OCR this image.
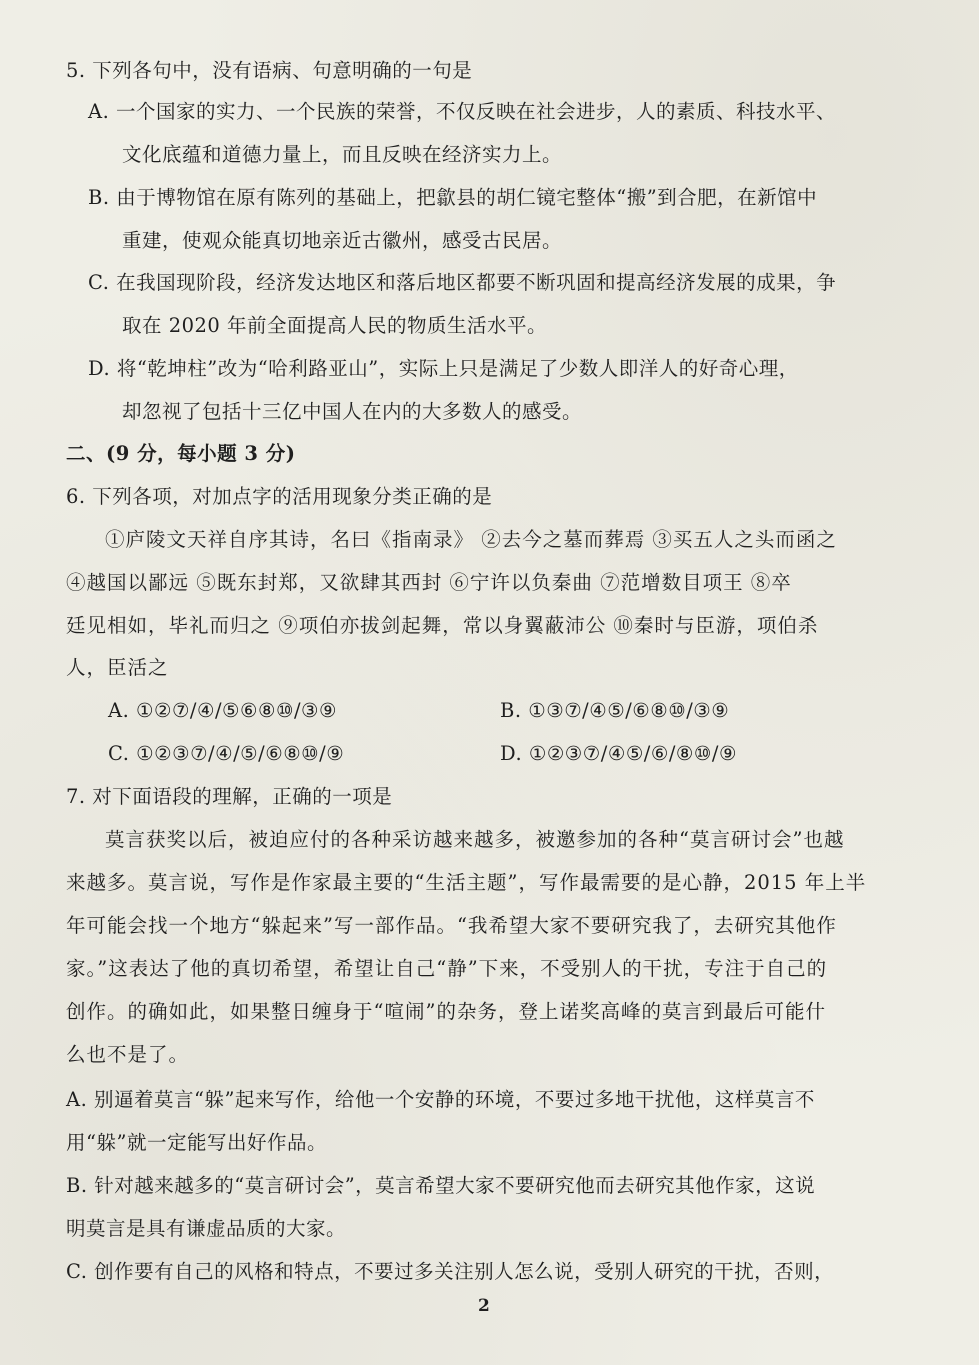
5. 下列各句中，没有语病、句意明确的一句是
A. 一个国家的实力、一个民族的荣誉，不仅反映在社会进步，人的素质、科技水平、
文化底蕴和道德力量上，而且反映在经济实力上。
B. 由于博物馆在原有陈列的基础上，把歙县的胡仁镜宅整体“搬”到合肥，在新馆中
重建，使观众能真切地亲近古徽州，感受古民居。
C. 在我国现阶段，经济发达地区和落后地区都要不断巩固和提高经济发展的成果，争
取在 2020 年前全面提高人民的物质生活水平。
D. 将“乾坤柱”改为“哈利路亚山”，实际上只是满足了少数人即洋人的好奇心理，
却忽视了包括十三亿中国人在内的大多数人的感受。
二、(9 分，每小题 3 分)
6. 下列各项，对加点字的活用现象分类正确的是
①庐陵文天祥自序其诗，名曰《指南录》 ②去今之墓而葬焉 ③买五人之头而函之
④越国以鄙远 ⑤既东封郑，又欲肆其西封 ⑥宁许以负秦曲 ⑦范增数目项王 ⑧卒
廷见相如，毕礼而归之 ⑨项伯亦拔剑起舞，常以身翼蔽沛公 ⑩秦时与臣游，项伯杀
人，臣活之
A. ①②⑦/④/⑤⑥⑧⑩/③⑨	B. ①③⑦/④⑤/⑥⑧⑩/③⑨
C. ①②③⑦/④/⑤/⑥⑧⑩/⑨	D. ①②③⑦/④⑤/⑥/⑧⑩/⑨
7. 对下面语段的理解，正确的一项是
莫言获奖以后，被迫应付的各种采访越来越多，被邀参加的各种“莫言研讨会”也越
来越多。莫言说，写作是作家最主要的“生活主题”，写作最需要的是心静，2015 年上半
年可能会找一个地方“躲起来”写一部作品。“我希望大家不要研究我了，去研究其他作
家。”这表达了他的真切希望，希望让自己“静”下来，不受别人的干扰，专注于自己的
创作。的确如此，如果整日缠身于“喧闹”的杂务，登上诺奖高峰的莫言到最后可能什
么也不是了。
A. 别逼着莫言“躲”起来写作，给他一个安静的环境，不要过多地干扰他，这样莫言不
用“躲”就一定能写出好作品。
B. 针对越来越多的“莫言研讨会”，莫言希望大家不要研究他而去研究其他作家，这说
明莫言是具有谦虚品质的大家。
C. 创作要有自己的风格和特点，不要过多关注别人怎么说，受别人研究的干扰，否则，
2
